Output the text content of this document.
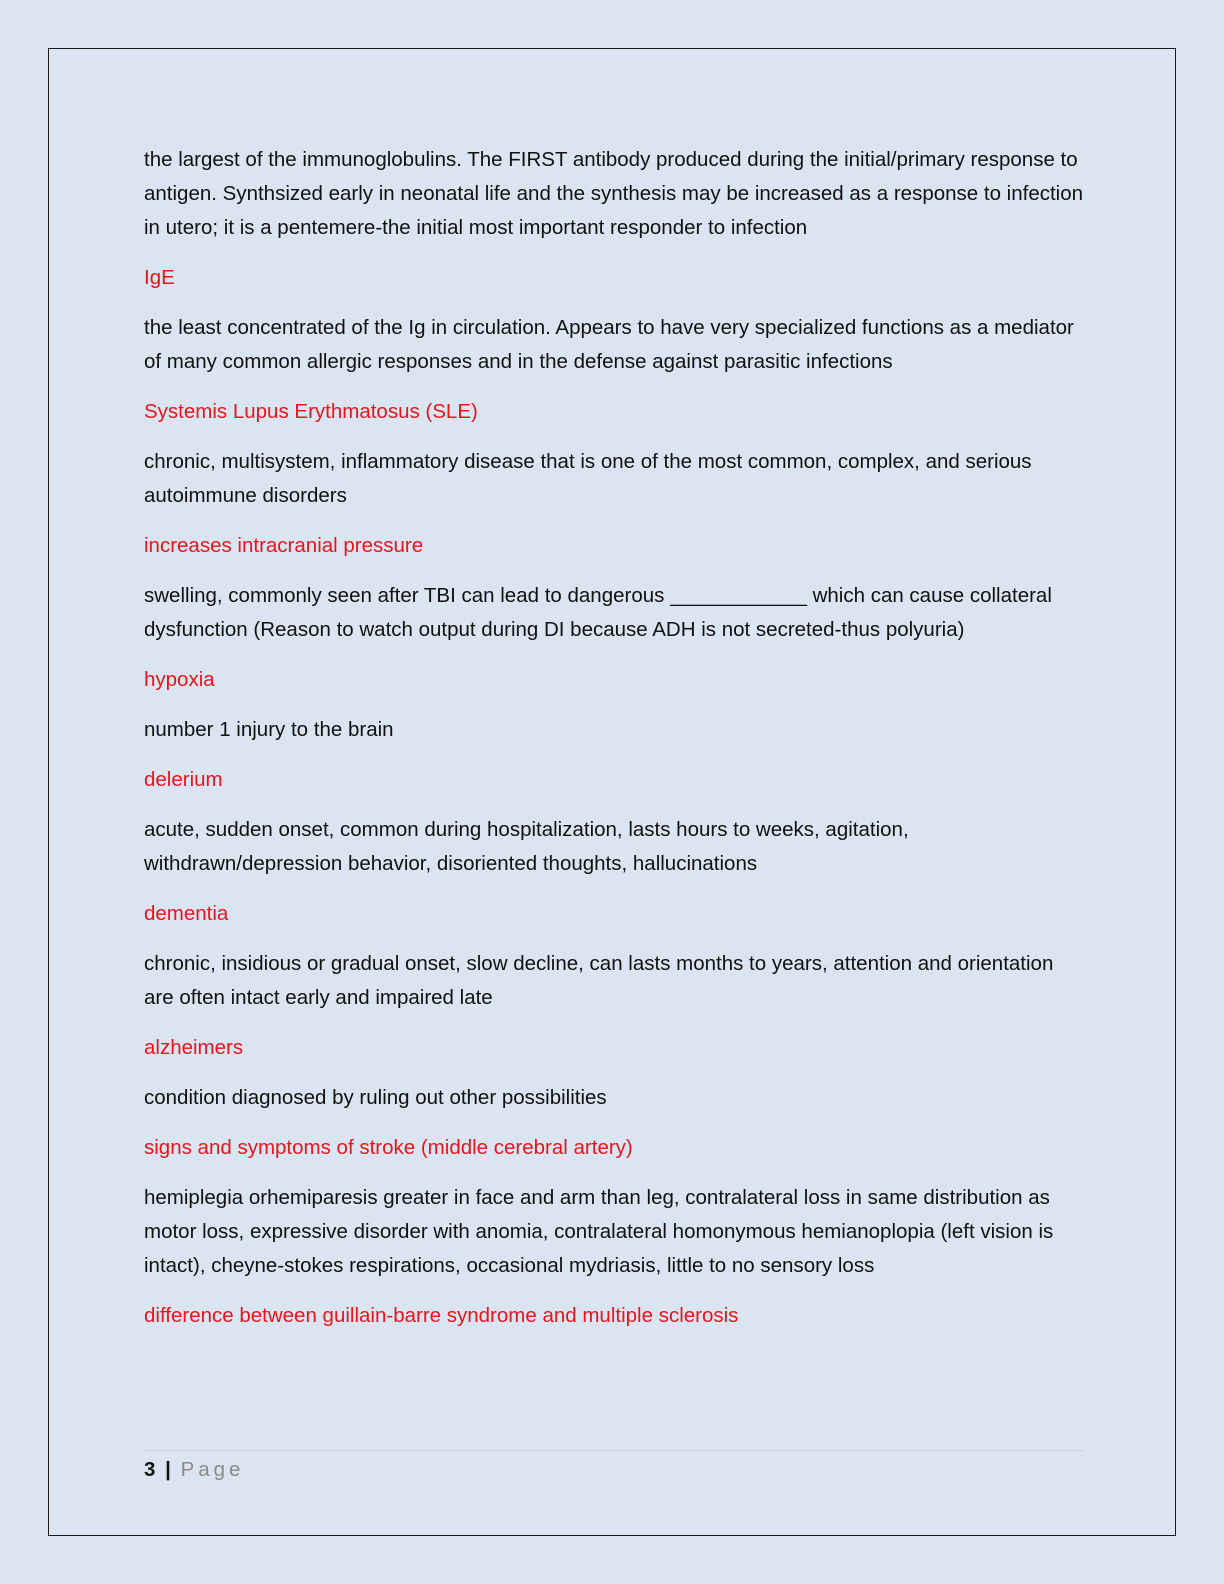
the largest of the immunoglobulins. The FIRST antibody produced during the initial/primary response to antigen. Synthsized early in neonatal life and the synthesis may be increased as a response to infection in utero; it is a pentemere-the initial most important responder to infection

IgE

the least concentrated of the Ig in circulation. Appears to have very specialized functions as a mediator of many common allergic responses and in the defense against parasitic infections

Systemis Lupus Erythmatosus (SLE)

chronic, multisystem, inflammatory disease that is one of the most common, complex, and serious autoimmune disorders

increases intracranial pressure

swelling, commonly seen after TBI can lead to dangerous ____________ which can cause collateral dysfunction (Reason to watch output during DI because ADH is not secreted-thus polyuria)

hypoxia

number 1 injury to the brain

delerium

acute, sudden onset, common during hospitalization, lasts hours to weeks, agitation, withdrawn/depression behavior, disoriented thoughts, hallucinations

dementia

chronic, insidious or gradual onset, slow decline, can lasts months to years, attention and orientation are often intact early and impaired late

alzheimers

condition diagnosed by ruling out other possibilities

signs and symptoms of stroke (middle cerebral artery)

hemiplegia orhemiparesis greater in face and arm than leg, contralateral loss in same distribution as motor loss, expressive disorder with anomia, contralateral homonymous hemianoplopia (left vision is intact), cheyne-stokes respirations, occasional mydriasis, little to no sensory loss

difference between guillain-barre syndrome and multiple sclerosis

3 | Page
